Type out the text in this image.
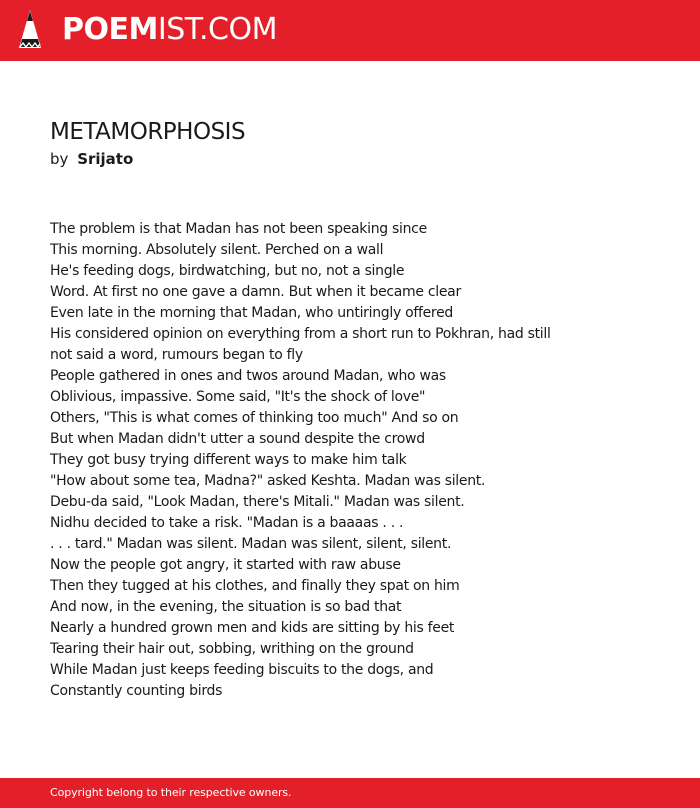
POEMIST.COM
METAMORPHOSIS
by Srijato
The problem is that Madan has not been speaking since
This morning. Absolutely silent. Perched on a wall
He's feeding dogs, birdwatching, but no, not a single
Word. At first no one gave a damn. But when it became clear
Even late in the morning that Madan, who untiringly offered
His considered opinion on everything from a short run to Pokhran, had still
not said a word, rumours began to fly
People gathered in ones and twos around Madan, who was
Oblivious, impassive. Some said, "It's the shock of love"
Others, "This is what comes of thinking too much" And so on
But when Madan didn't utter a sound despite the crowd
They got busy trying different ways to make him talk
"How about some tea, Madna?" asked Keshta. Madan was silent.
Debu-da said, "Look Madan, there's Mitali." Madan was silent.
Nidhu decided to take a risk. "Madan is a baaaas . . .
. . . tard." Madan was silent. Madan was silent, silent, silent.
Now the people got angry, it started with raw abuse
Then they tugged at his clothes, and finally they spat on him
And now, in the evening, the situation is so bad that
Nearly a hundred grown men and kids are sitting by his feet
Tearing their hair out, sobbing, writhing on the ground
While Madan just keeps feeding biscuits to the dogs, and
Constantly counting birds
Copyright belong to their respective owners.
